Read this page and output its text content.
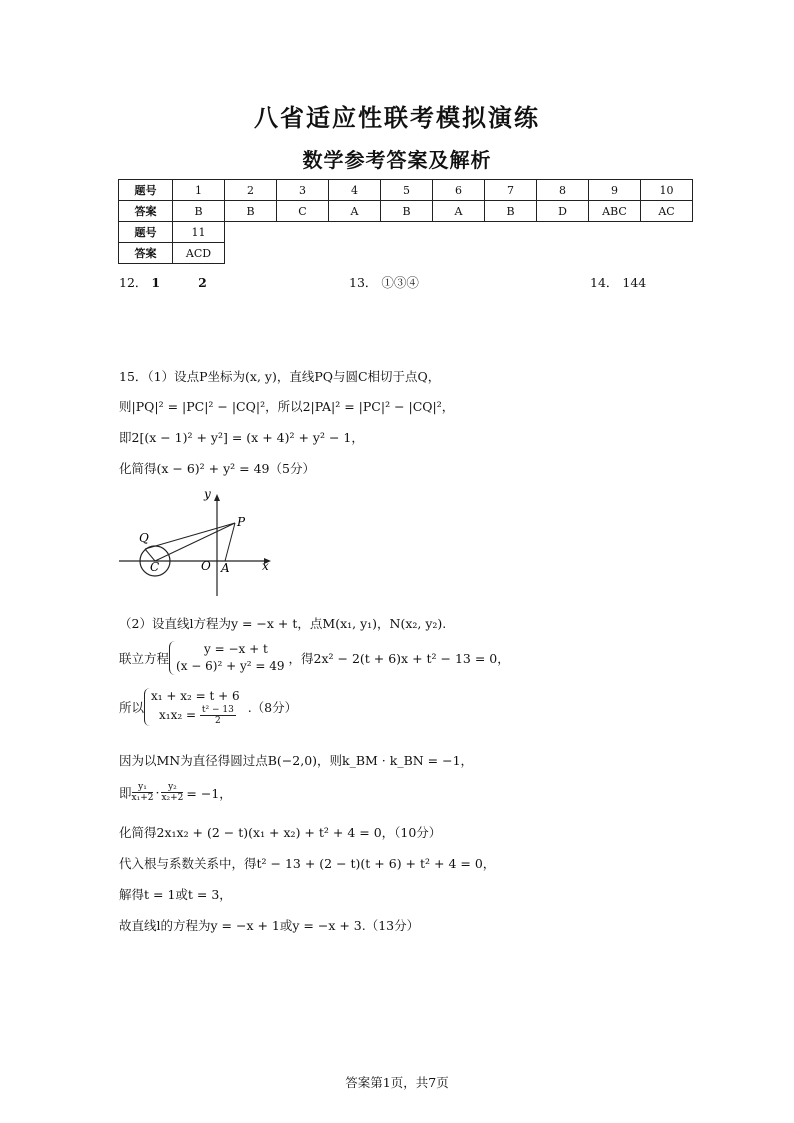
八省适应性联考模拟演练
数学参考答案及解析
题号	1	2	3	4	5	6	7	8	9	10
答案	B	B	C	A	B	A	B	D	ABC	AC
题号	11									
答案	ACD									
12． 1	2	13． ①③④	14． 144
15．（1）设点P坐标为(x, y)，直线PQ与圆C相切于点Q，
则|PQ|² = |PC|² − |CQ|²，所以2|PA|² = |PC|² − |CQ|²，
即2[(x − 1)² + y²] = (x + 4)² + y² − 1，
化简得(x − 6)² + y² = 49（5分）
y
x
O
P
Q
C	A
（2）设直线l方程为y = −x + t，点M(x₁, y₁)，N(x₂, y₂).
联立方程
y = −x + t
(x − 6)² + y² = 49 ，得2x² − 2(t + 6)x + t² − 13 = 0，
所以
x₁ + x₂ = t + 6
$x_1x_2 = \frac{\text{t² − 13}}{2} .(8$分）
因为以MN为直径得圆过点B(−2,0)，则k_BM · k_BN = −1，
即 $\frac{\text{y₁}}{\text{x₁+2}} \cdot \frac{\text{y₂}}{\text{x₂+2}} = -1$，
化简得2x₁x₂ + (2 − t)(x₁ + x₂) + t² + 4 = 0，（10分）
代入根与系数关系中，得t² − 13 + (2 − t)(t + 6) + t² + 4 = 0，
解得t = 1或t = 3，
故直线l的方程为y = −x + 1或y = −x + 3.（13分）
答案第1页，共7页
